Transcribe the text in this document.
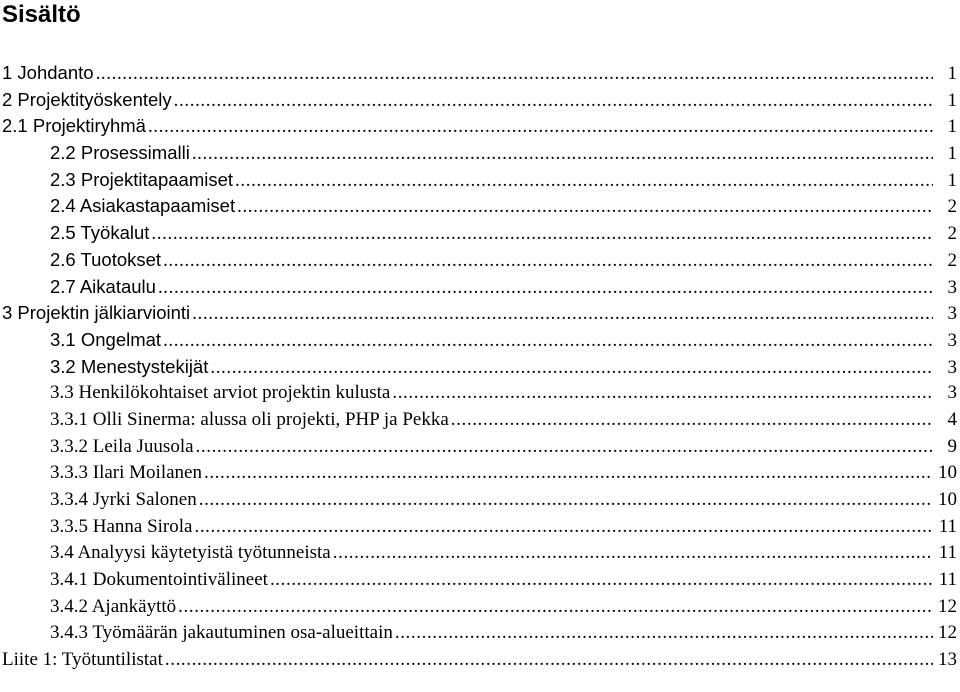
Sisältö
1 Johdanto .....	1
2 Projektityöskentely .....	1
2.1 Projektiryhmä .....	1
2.2 Prosessimalli .....	1
2.3 Projektitapaamiset .....	1
2.4 Asiakastapaamiset .....	2
2.5 Työkalut .....	2
2.6 Tuotokset .....	2
2.7 Aikataulu .....	3
3 Projektin jälkiarviointi .....	3
3.1 Ongelmat .....	3
3.2 Menestystekijät .....	3
3.3 Henkilökohtaiset arviot projektin kulusta .....	3
3.3.1 Olli Sinerma: alussa oli projekti, PHP ja Pekka .....	4
3.3.2 Leila Juusola .....	9
3.3.3 Ilari Moilanen .....	10
3.3.4 Jyrki Salonen .....	10
3.3.5 Hanna Sirola .....	11
3.4 Analyysi käytetyistä työtunneista .....	11
3.4.1 Dokumentointivälineet .....	11
3.4.2 Ajankäyttö .....	12
3.4.3 Työmäärän jakautuminen osa-alueittain .....	12
Liite 1: Työtuntilistat .....	13
